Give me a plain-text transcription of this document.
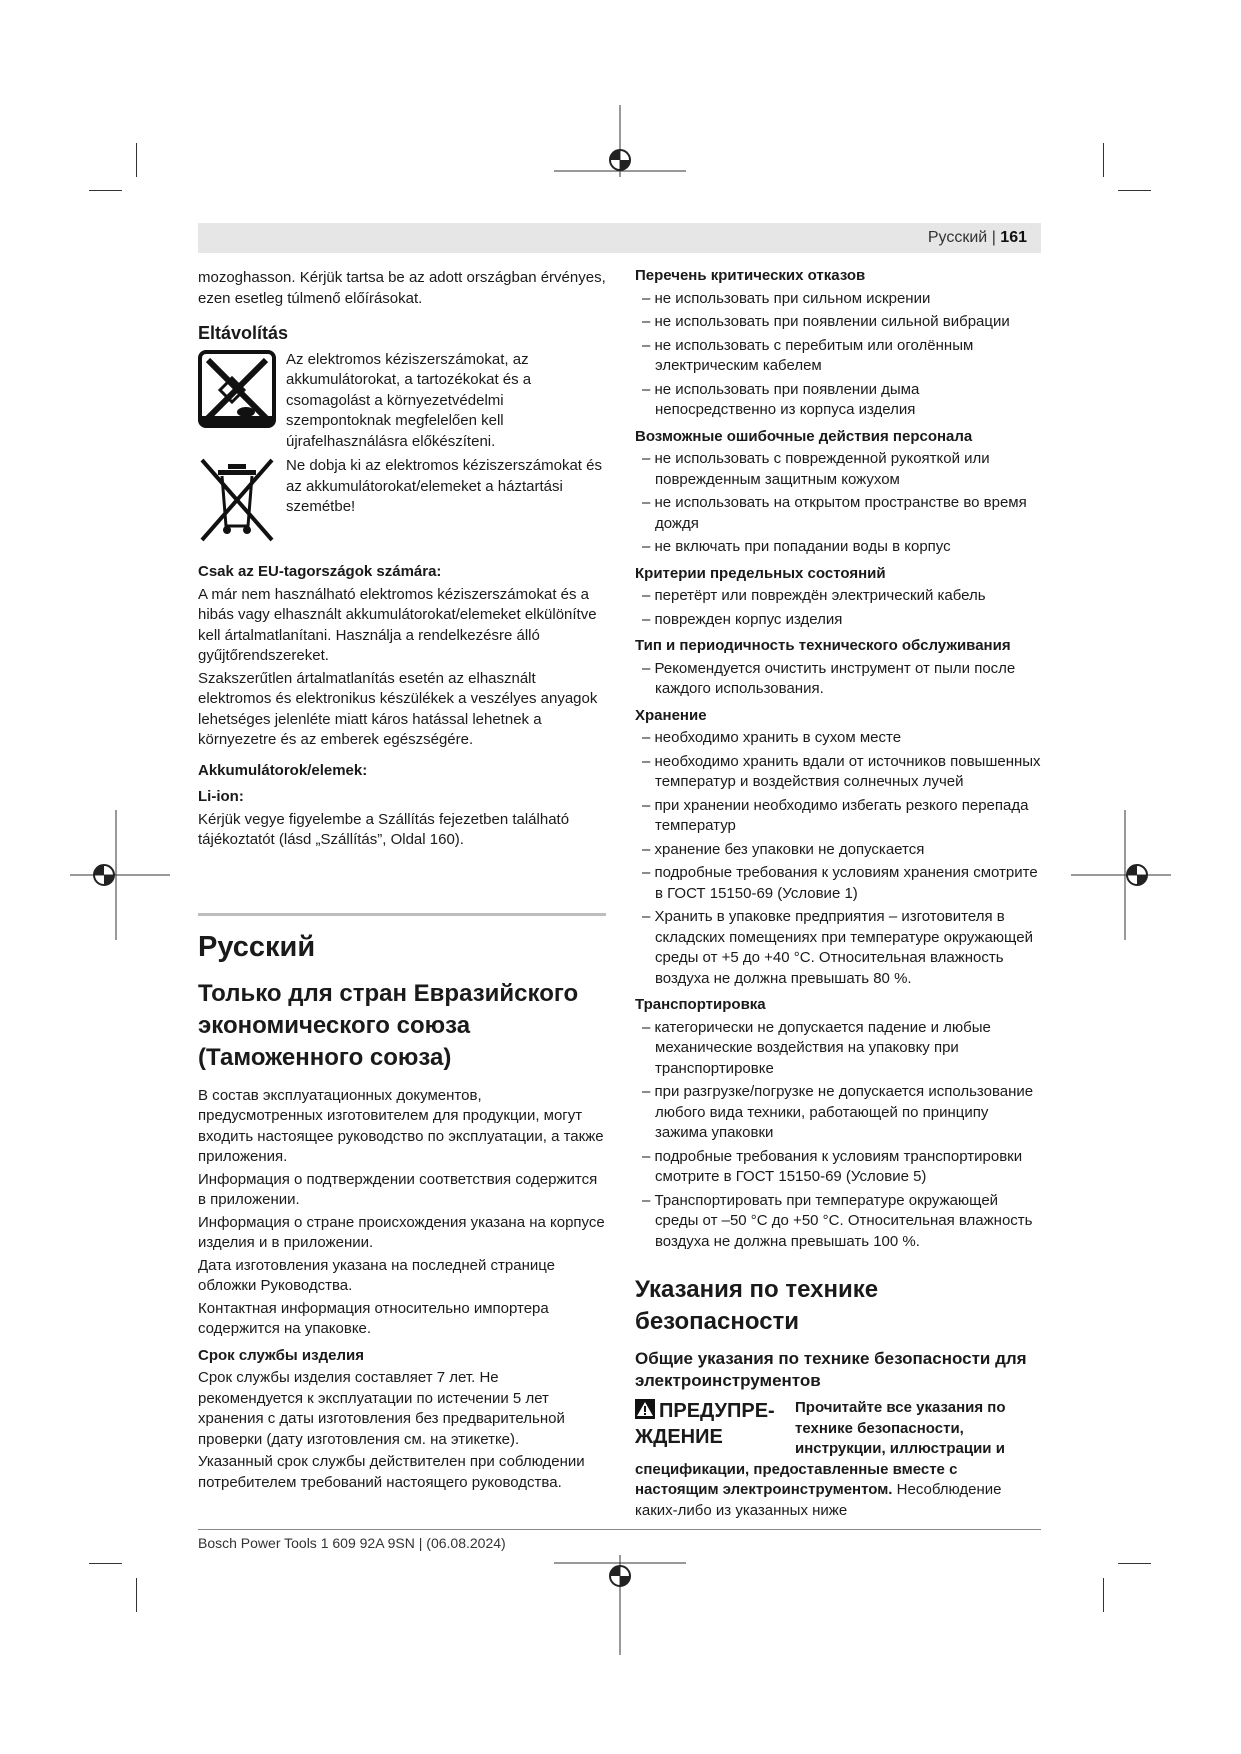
Русский | 161

mozoghasson. Kérjük tartsa be az adott országban érvényes, ezen esetleg túlmenő előírásokat.

Eltávolítás
Az elektromos kéziszerszámokat, az akkumulátorokat, a tartozékokat és a csomagolást a környezetvédelmi szempontoknak megfelelően kell újrafelhasználásra előkészíteni.
Ne dobja ki az elektromos kéziszerszámokat és az akkumulátorokat/elemeket a háztartási szemétbe!
Csak az EU-tagországok számára:

A már nem használható elektromos kéziszerszámokat és a hibás vagy elhasznált akkumulátorokat/elemeket elkülönítve kell ártalmatlanítani. Használja a rendelkezésre álló gyűjtőrendszereket.

Szakszerűtlen ártalmatlanítás esetén az elhasznált elektromos és elektronikus készülékek a veszélyes anyagok lehetséges jelenléte miatt káros hatással lehetnek a környezetre és az emberek egészségére.

Akkumulátorok/elemek:
Li-ion:

Kérjük vegye figyelembe a Szállítás fejezetben található tájékoztatót (lásd „Szállítás”, Oldal 160).

Русский
Только для стран Евразийского экономического союза (Таможенного союза)

В состав эксплуатационных документов, предусмотренных изготовителем для продукции, могут входить настоящее руководство по эксплуатации, а также приложения.

Информация о подтверждении соответствия содержится в приложении.

Информация о стране происхождения указана на корпусе изделия и в приложении.

Дата изготовления указана на последней странице обложки Руководства.

Контактная информация относительно импортера содержится на упаковке.

Срок службы изделия

Срок службы изделия составляет 7 лет. Не рекомендуется к эксплуатации по истечении 5 лет хранения с даты изготовления без предварительной проверки (дату изготовления см. на этикетке).

Указанный срок службы действителен при соблюдении потребителем требований настоящего руководства.

Перечень критических отказов
– не использовать при сильном искрении
– не использовать при появлении сильной вибрации
– не использовать с перебитым или оголённым электрическим кабелем
– не использовать при появлении дыма непосредственно из корпуса изделия
Возможные ошибочные действия персонала
– не использовать с поврежденной рукояткой или поврежденным защитным кожухом
– не использовать на открытом пространстве во время дождя
– не включать при попадании воды в корпус
Критерии предельных состояний
– перетёрт или повреждён электрический кабель
– поврежден корпус изделия
Тип и периодичность технического обслуживания
– Рекомендуется очистить инструмент от пыли после каждого использования.
Хранение
– необходимо хранить в сухом месте
– необходимо хранить вдали от источников повышенных температур и воздействия солнечных лучей
– при хранении необходимо избегать резкого перепада температур
– хранение без упаковки не допускается
– подробные требования к условиям хранения смотрите в ГОСТ 15150-69 (Условие 1)
– Хранить в упаковке предприятия – изготовителя в складских помещениях при температуре окружающей среды от +5 до +40 °C. Относительная влажность воздуха не должна превышать 80 %.
Транспортировка
– категорически не допускается падение и любые механические воздействия на упаковку при транспортировке
– при разгрузке/погрузке не допускается использование любого вида техники, работающей по принципу зажима упаковки
– подробные требования к условиям транспортировки смотрите в ГОСТ 15150-69 (Условие 5)
– Транспортировать при температуре окружающей среды от –50 °C до +50 °C. Относительная влажность воздуха не должна превышать 100 %.
Указания по технике безопасности
Общие указания по технике безопасности для электроинструментов
ПРЕДУПРЕ-ЖДЕНИЕ
Прочитайте все указания по технике безопасности, инструкции, иллюстрации и спецификации, предоставленные вместе с настоящим электроинструментом. Несоблюдение каких-либо из указанных ниже
Bosch Power Tools 1 609 92A 9SN | (06.08.2024)
